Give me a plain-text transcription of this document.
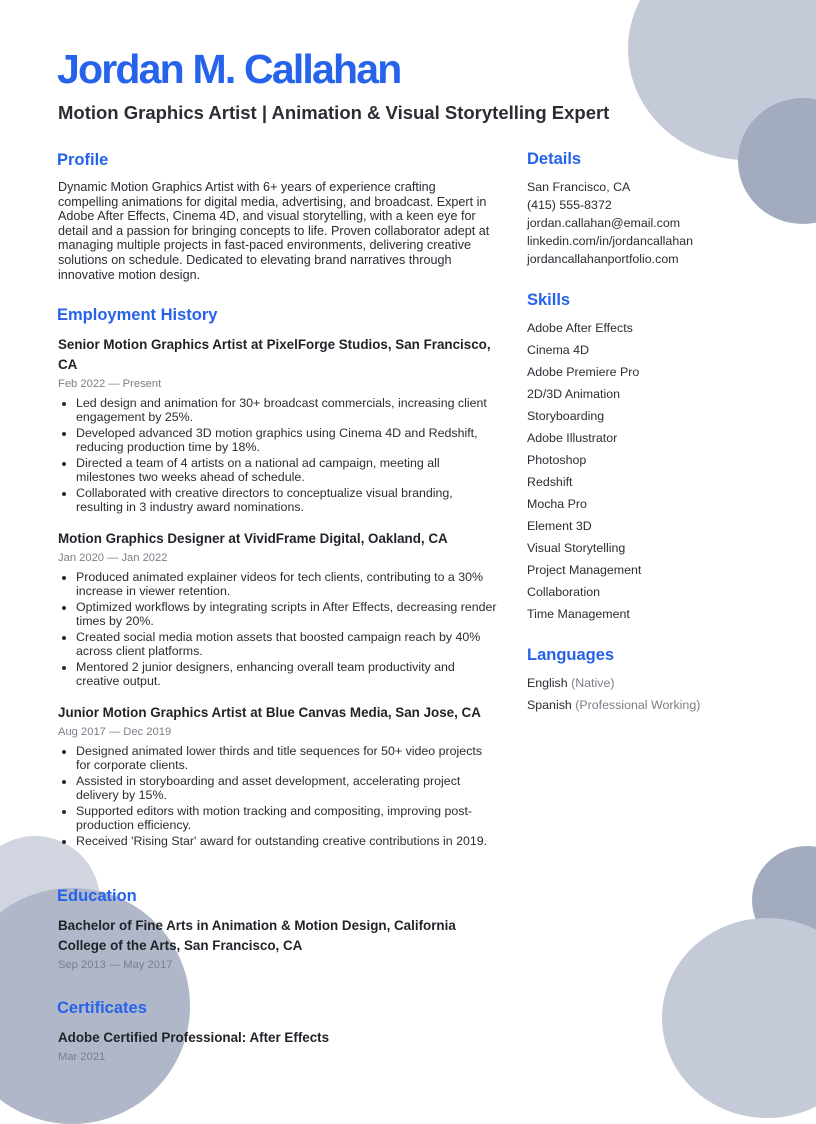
Jordan M. Callahan
Motion Graphics Artist | Animation & Visual Storytelling Expert
Profile
Dynamic Motion Graphics Artist with 6+ years of experience crafting compelling animations for digital media, advertising, and broadcast. Expert in Adobe After Effects, Cinema 4D, and visual storytelling, with a keen eye for detail and a passion for bringing concepts to life. Proven collaborator adept at managing multiple projects in fast-paced environments, delivering creative solutions on schedule. Dedicated to elevating brand narratives through innovative motion design.
Employment History
Senior Motion Graphics Artist at PixelForge Studios, San Francisco, CA
Feb 2022 — Present
• Led design and animation for 30+ broadcast commercials, increasing client engagement by 25%.
• Developed advanced 3D motion graphics using Cinema 4D and Redshift, reducing production time by 18%.
• Directed a team of 4 artists on a national ad campaign, meeting all milestones two weeks ahead of schedule.
• Collaborated with creative directors to conceptualize visual branding, resulting in 3 industry award nominations.
Motion Graphics Designer at VividFrame Digital, Oakland, CA
Jan 2020 — Jan 2022
• Produced animated explainer videos for tech clients, contributing to a 30% increase in viewer retention.
• Optimized workflows by integrating scripts in After Effects, decreasing render times by 20%.
• Created social media motion assets that boosted campaign reach by 40% across client platforms.
• Mentored 2 junior designers, enhancing overall team productivity and creative output.
Junior Motion Graphics Artist at Blue Canvas Media, San Jose, CA
Aug 2017 — Dec 2019
• Designed animated lower thirds and title sequences for 50+ video projects for corporate clients.
• Assisted in storyboarding and asset development, accelerating project delivery by 15%.
• Supported editors with motion tracking and compositing, improving post-production efficiency.
• Received 'Rising Star' award for outstanding creative contributions in 2019.
Education
Bachelor of Fine Arts in Animation & Motion Design, California College of the Arts, San Francisco, CA
Sep 2013 — May 2017
Certificates
Adobe Certified Professional: After Effects
Mar 2021
Details
San Francisco, CA
(415) 555-8372
jordan.callahan@email.com
linkedin.com/in/jordancallahan
jordancallahanportfolio.com
Skills
Adobe After Effects
Cinema 4D
Adobe Premiere Pro
2D/3D Animation
Storyboarding
Adobe Illustrator
Photoshop
Redshift
Mocha Pro
Element 3D
Visual Storytelling
Project Management
Collaboration
Time Management
Languages
English (Native)
Spanish (Professional Working)
